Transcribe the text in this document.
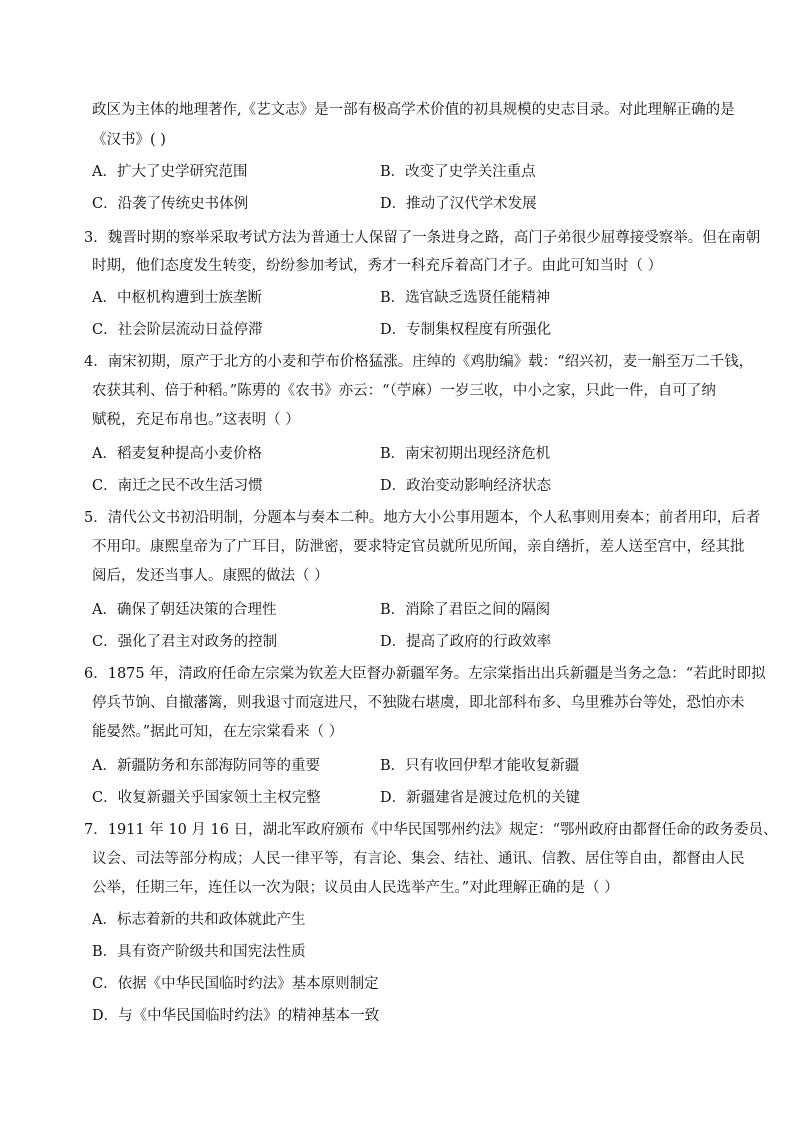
政区为主体的地理著作,《艺文志》是一部有极高学术价值的初具规模的史志目录。对此理解正确的是
《汉书》( )
A．扩大了史学研究范围	B．改变了史学关注重点
C．沿袭了传统史书体例	D．推动了汉代学术发展
3．魏晋时期的察举采取考试方法为普通士人保留了一条进身之路，高门子弟很少屈尊接受察举。但在南朝
时期，他们态度发生转变，纷纷参加考试，秀才一科充斥着高门才子。由此可知当时（ ）
A．中枢机构遭到士族垄断	B．选官缺乏选贤任能精神
C．社会阶层流动日益停滞	D．专制集权程度有所强化
4．南宋初期，原产于北方的小麦和苧布价格猛涨。庄绰的《鸡肋编》载：“绍兴初，麦一斛至万二千钱，
农获其利、倍于种稻。”陈旉的《农书》亦云：“（苧麻）一岁三收，中小之家，只此一件，自可了纳
赋税，充足布帛也。”这表明（ ）
A．稻麦复种提高小麦价格	B．南宋初期出现经济危机
C．南迁之民不改生活习惯	D．政治变动影响经济状态
5．清代公文书初沿明制，分题本与奏本二种。地方大小公事用题本，个人私事则用奏本；前者用印，后者
不用印。康熙皇帝为了广耳目，防泄密，要求特定官员就所见所闻，亲自缮折，差人送至宫中，经其批
阅后，发还当事人。康熙的做法（ ）
A．确保了朝廷决策的合理性	B．消除了君臣之间的隔阂
C．强化了君主对政务的控制	D．提高了政府的行政效率
6．1875 年，清政府任命左宗棠为钦差大臣督办新疆军务。左宗棠指出出兵新疆是当务之急：“若此时即拟
停兵节饷、自撤藩篱，则我退寸而寇进尺，不独陇右堪虞，即北部科布多、乌里雅苏台等处，恐怕亦未
能晏然。”据此可知，在左宗棠看来（ ）
A．新疆防务和东部海防同等的重要	B．只有收回伊犁才能收复新疆
C．收复新疆关乎国家领土主权完整	D．新疆建省是渡过危机的关键
7．1911 年 10 月 16 日，湖北军政府颁布《中华民国鄂州约法》规定：“鄂州政府由都督任命的政务委员、
议会、司法等部分构成；人民一律平等，有言论、集会、结社、通讯、信教、居住等自由，都督由人民
公举，任期三年，连任以一次为限；议员由人民选举产生。”对此理解正确的是（ ）
A．标志着新的共和政体就此产生
B．具有资产阶级共和国宪法性质
C．依据《中华民国临时约法》基本原则制定
D．与《中华民国临时约法》的精神基本一致
